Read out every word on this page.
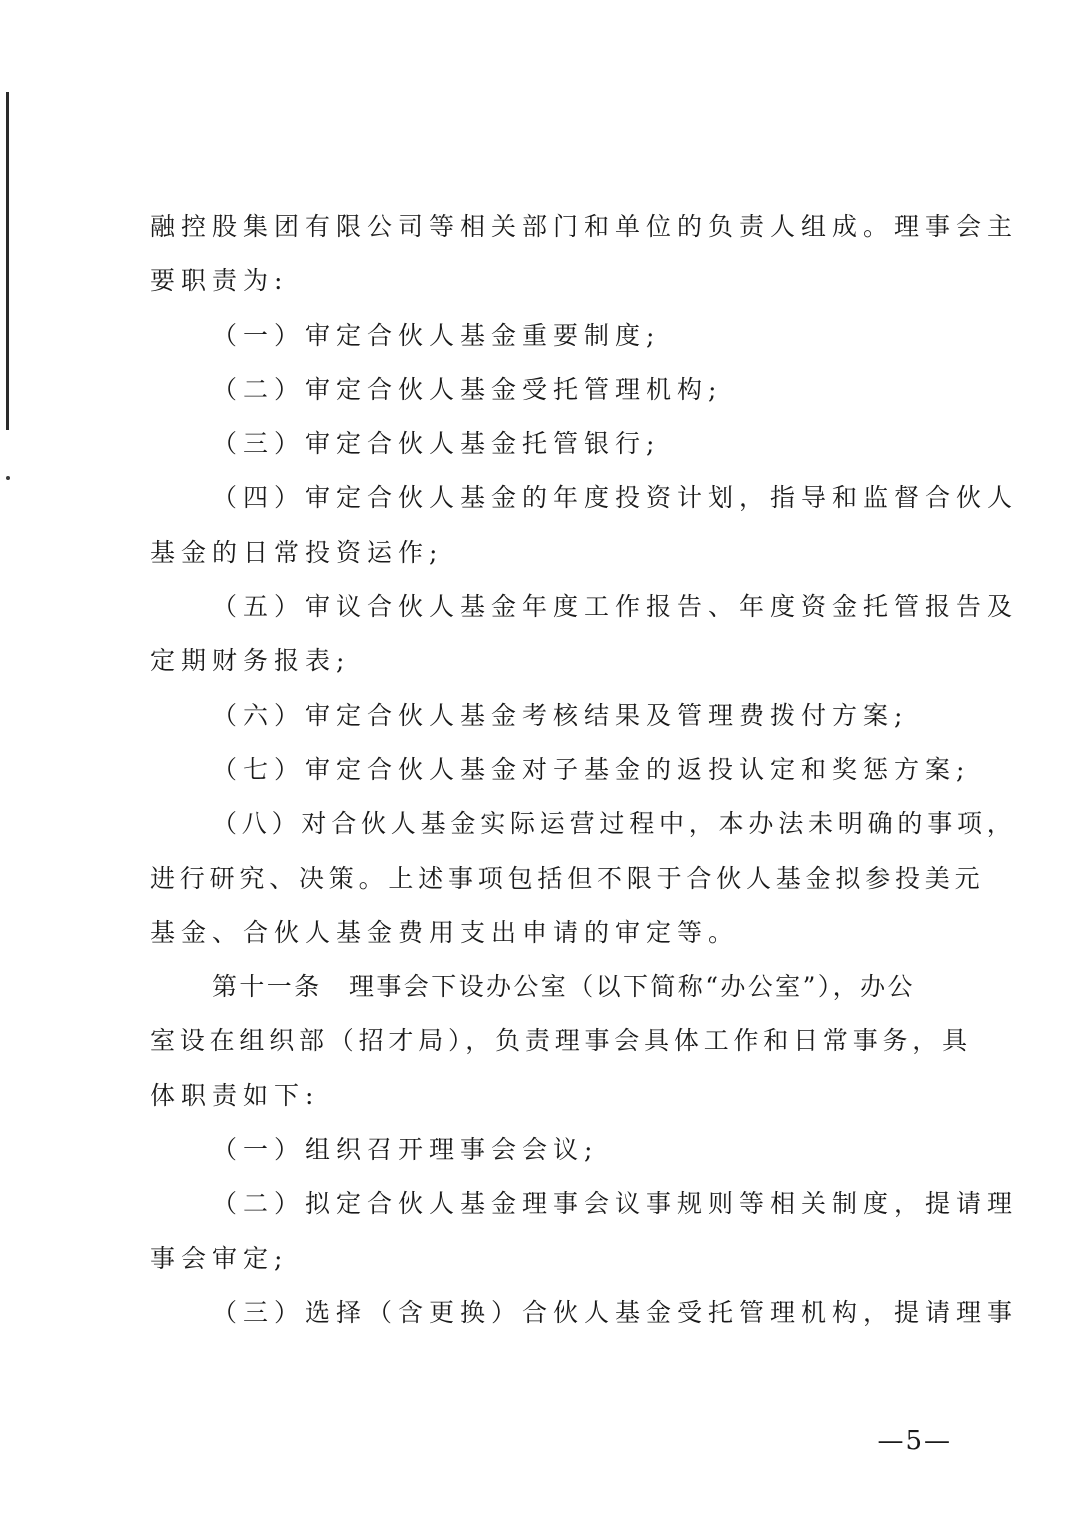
融控股集团有限公司等相关部门和单位的负责人组成。理事会主
要职责为:
（一）审定合伙人基金重要制度;
（二）审定合伙人基金受托管理机构;
（三）审定合伙人基金托管银行;
（四）审定合伙人基金的年度投资计划，指导和监督合伙人
基金的日常投资运作;
（五）审议合伙人基金年度工作报告、年度资金托管报告及
定期财务报表;
（六）审定合伙人基金考核结果及管理费拨付方案;
（七）审定合伙人基金对子基金的返投认定和奖惩方案;
（八）对合伙人基金实际运营过程中，本办法未明确的事项，
进行研究、决策。上述事项包括但不限于合伙人基金拟参投美元
基金、合伙人基金费用支出申请的审定等。
第十一条　理事会下设办公室（以下简称“办公室”），办公
室设在组织部（招才局），负责理事会具体工作和日常事务，具
体职责如下:
（一）组织召开理事会会议;
（二）拟定合伙人基金理事会议事规则等相关制度，提请理
事会审定;
（三）选择（含更换）合伙人基金受托管理机构，提请理事
—5—
